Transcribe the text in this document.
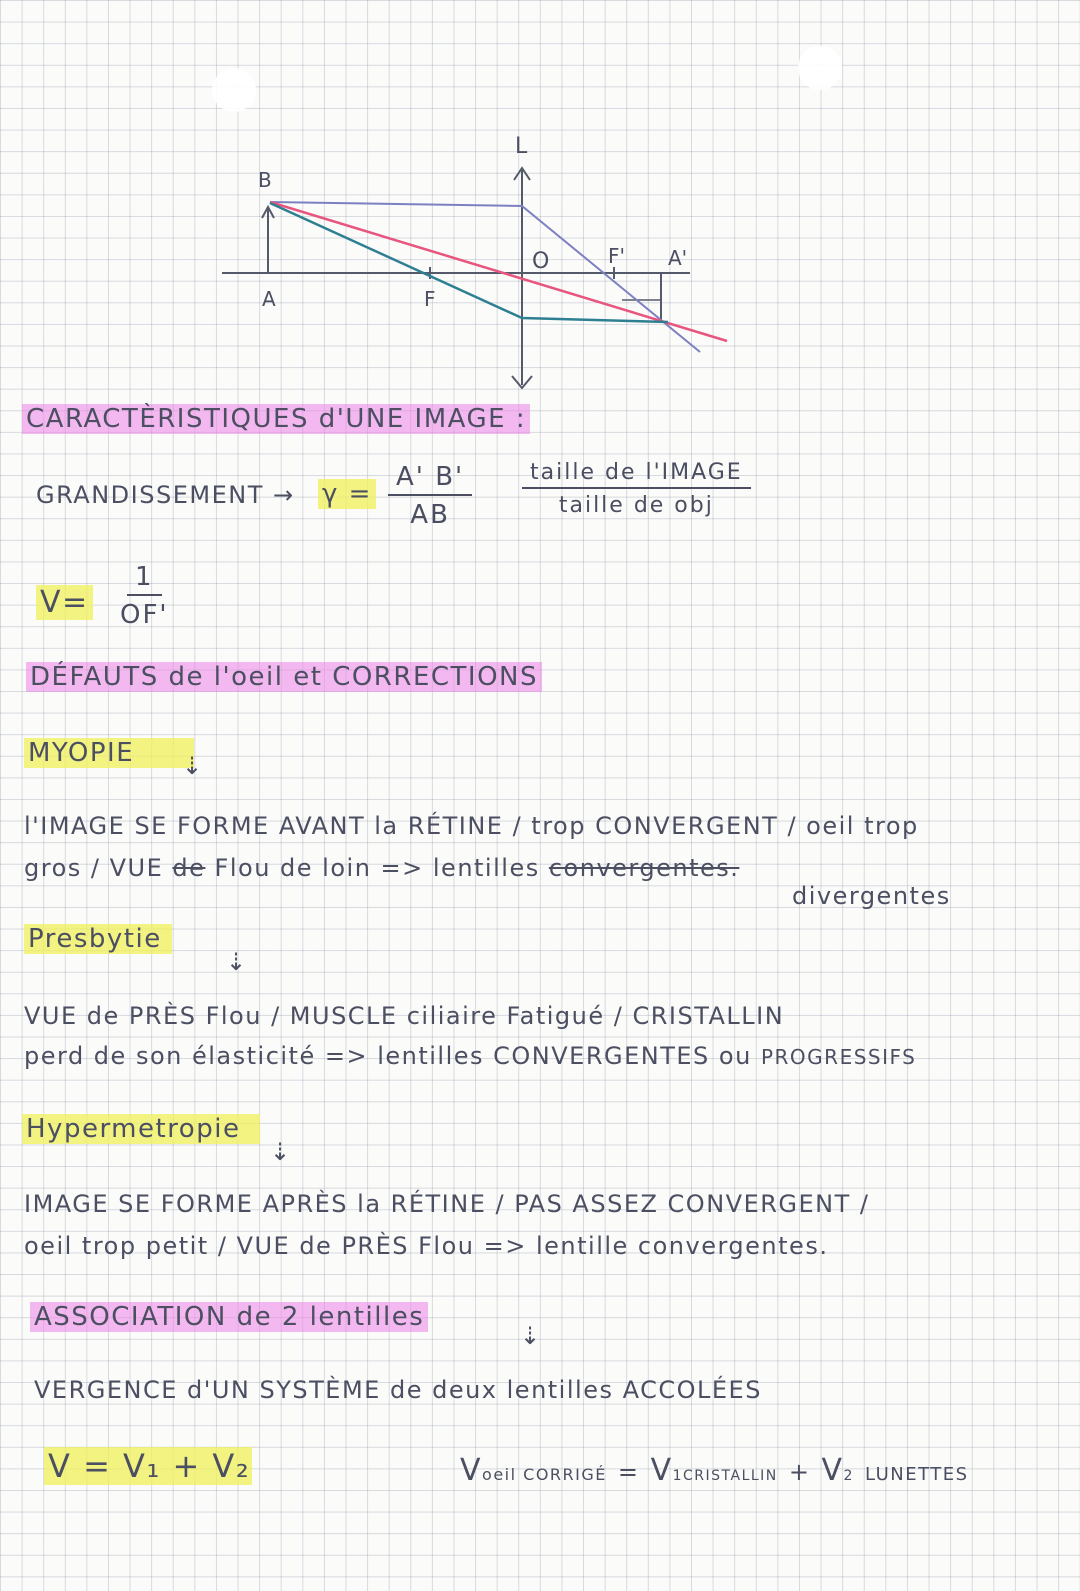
B
A	F
O	F' A'
L
CARACTÈRISTIQUES d'UNE IMAGE :
GRANDISSEMENT → $\gamma = \frac{A' B'}{AB}$	taille de l'IMAGE
taille de obj
$V= \frac{1}{OF'}$
DÉFAUTS de l'oeil et CORRECTIONS
MYOPIE	⇣
l'IMAGE SE FORME AVANT la RÉTINE / trop CONVERGENT / oeil trop
gros / VUE de Flou de loin => lentilles convergentes.
divergentes
Presbytie
⇣
VUE de PRÈS Flou / MUSCLE ciliaire Fatigué / CRISTALLIN
perd de son élasticité => lentilles CONVERGENTES ou PROGRESSIFS
Hypermetropie
⇣
IMAGE SE FORME APRÈS la RÉTINE / PAS ASSEZ CONVERGENT /
oeil trop petit / VUE de PRÈS Flou => lentille convergentes.
ASSOCIATION de 2 lentilles
⇣
VERGENCE d'UN SYSTÈME de deux lentilles ACCOLÉES
V = V₁ + V₂	Voeil CORRIGÉ = V1CRISTALLIN + V2 LUNETTES
